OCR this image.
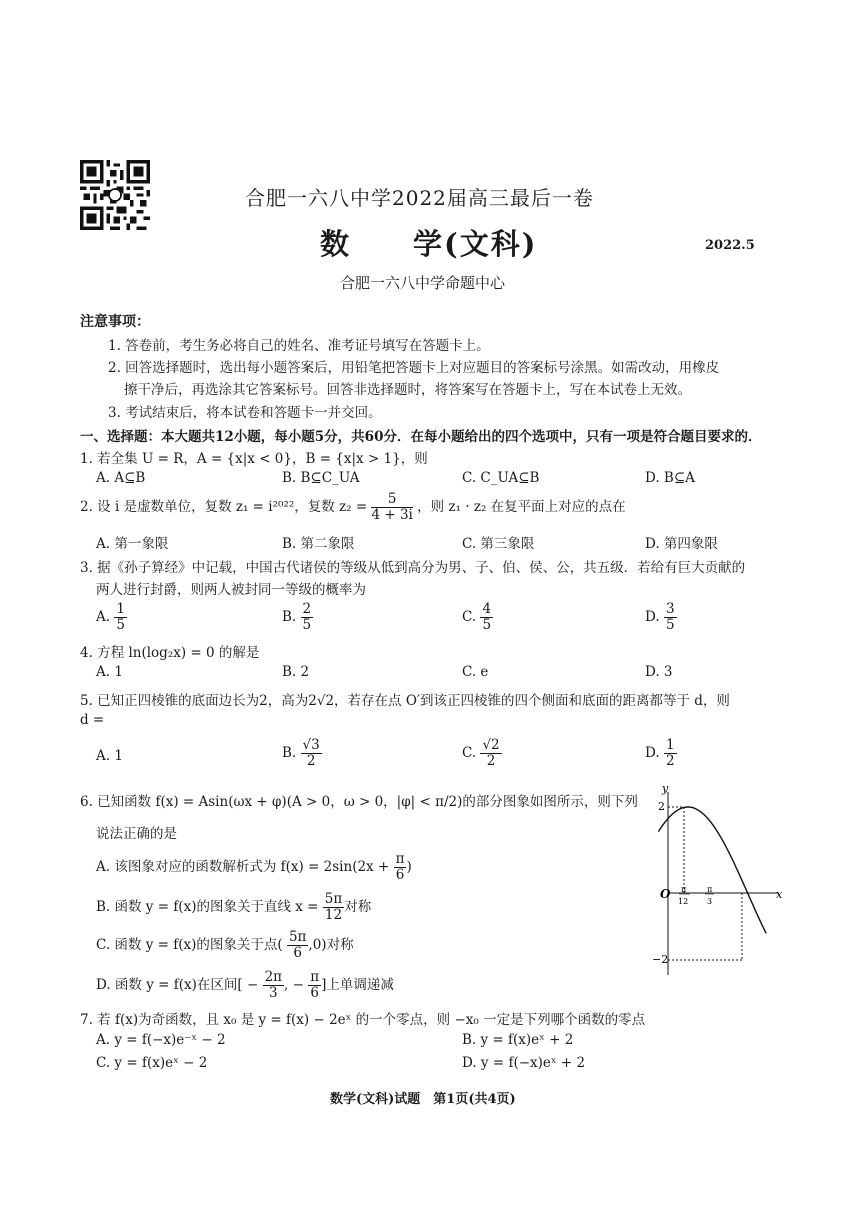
合肥一六八中学2022届高三最后一卷
数　　学(文科)	2022.5
合肥一六八中学命题中心
注意事项：
1. 答卷前，考生务必将自己的姓名、准考证号填写在答题卡上。
2. 回答选择题时，选出每小题答案后，用铅笔把答题卡上对应题目的答案标号涂黑。如需改动，用橡皮
擦干净后，再选涂其它答案标号。回答非选择题时，将答案写在答题卡上，写在本试卷上无效。
3. 考试结束后，将本试卷和答题卡一并交回。
一、选择题：本大题共12小题，每小题5分，共60分．在每小题给出的四个选项中，只有一项是符合题目要求的．
1. 若全集 U = R，A = {x|x < 0}，B = {x|x > 1}，则
A. A⊆B	B. B⊆C_UA	C. C_UA⊆B	D. B⊆A
2. 设 i 是虚数单位，复数 z₁ = i²⁰²²，复数 $z_2 = \frac{5}{4 + 3i}$ ，则 z₁ · z₂ 在复平面上对应的点在
A. 第一象限	B. 第二象限	C. 第三象限	D. 第四象限
3. 据《孙子算经》中记载，中国古代诸侯的等级从低到高分为男、子、伯、侯、公，共五级．若给有巨大贡献的
两人进行封爵，则两人被封同一等级的概率为
A. $\frac{1}{5}$	B. $\frac{2}{5}$	C. $\frac{4}{5}$	D. $\frac{3}{5}$
4. 方程 ln(log₂x) = 0 的解是
A. 1	B. 2	C. e	D. 3
5. 已知正四棱锥的底面边长为2，高为2√2，若存在点 O′到该正四棱锥的四个侧面和底面的距离都等于 d，则
d =
A. 1	B. $\frac{√3}{2}$	C. $\frac{√2}{2}$	D. $\frac{1}{2}$
6. 已知函数 f(x) = Asin(ωx + φ)(A > 0，ω > 0，|φ| < π/2)的部分图象如图所示，则下列
说法正确的是
A. 该图象对应的函数解析式为 $f(x) = 2\sin(2x + \frac{\pi}{6}$ )
B. 函数 y = f(x)的图象关于直线 $x = \frac{5\pi}{12}$ 对称
C. 函数 y = f(x)的图象关于点( $\frac{5\pi}{6} ,0$)对称
D. 函数 y = f(x)在区间[ − $\frac{2\pi}{3}$ , − $\frac{\pi}{6}$ ]上单调递减
y
x
O
2
−2
π
12
π
3
7. 若 f(x)为奇函数，且 x₀ 是 y = f(x) − 2eˣ 的一个零点，则 −x₀ 一定是下列哪个函数的零点
A. y = f(−x)e⁻ˣ − 2	B. y = f(x)eˣ + 2
C. y = f(x)eˣ − 2	D. y = f(−x)eˣ + 2
数学(文科)试题　第1页(共4页)
